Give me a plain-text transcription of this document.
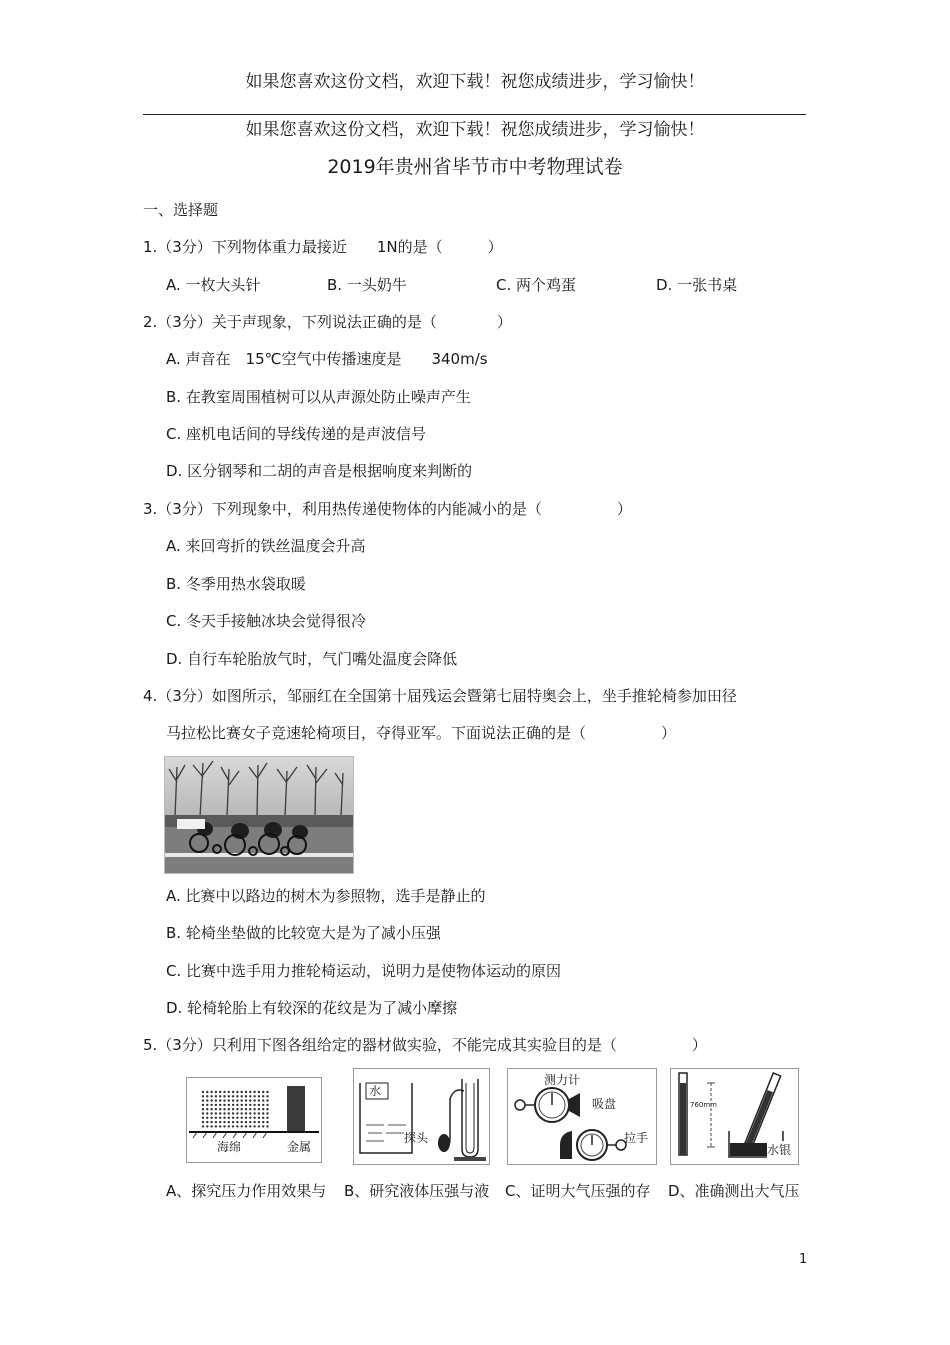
如果您喜欢这份文档，欢迎下载！祝您成绩进步，学习愉快！
如果您喜欢这份文档，欢迎下载！祝您成绩进步，学习愉快！
2019年贵州省毕节市中考物理试卷
一、选择题
1.（3分）下列物体重力最接近　　1N的是（　　　）
A. 一枚大头针	B. 一头奶牛	C. 两个鸡蛋	D. 一张书桌
2.（3分）关于声现象，下列说法正确的是（　　　　）
A. 声音在　15℃空气中传播速度是　　340m/s
B. 在教室周围植树可以从声源处防止噪声产生
C. 座机电话间的导线传递的是声波信号
D. 区分钢琴和二胡的声音是根据响度来判断的
3.（3分）下列现象中，利用热传递使物体的内能减小的是（　　　　　）
A. 来回弯折的铁丝温度会升高
B. 冬季用热水袋取暖
C. 冬天手接触冰块会觉得很冷
D. 自行车轮胎放气时，气门嘴处温度会降低
4.（3分）如图所示，邹丽红在全国第十届残运会暨第七届特奥会上，坐手推轮椅参加田径
马拉松比赛女子竞速轮椅项目，夺得亚军。下面说法正确的是（　　　　　）
A. 比赛中以路边的树木为参照物，选手是静止的
B. 轮椅坐垫做的比较宽大是为了减小压强
C. 比赛中选手用力推轮椅运动，说明力是使物体运动的原因
D. 轮椅轮胎上有较深的花纹是为了减小摩擦
5.（3分）只利用下图各组给定的器材做实验，不能完成其实验目的是（　　　　　）
海绵	金属
水
探头
测力计
吸盘
拉手
760mm
水银
A、探究压力作用效果与 B、研究液体压强与液 C、证明大气压强的存 D、准确测出大气压
1
